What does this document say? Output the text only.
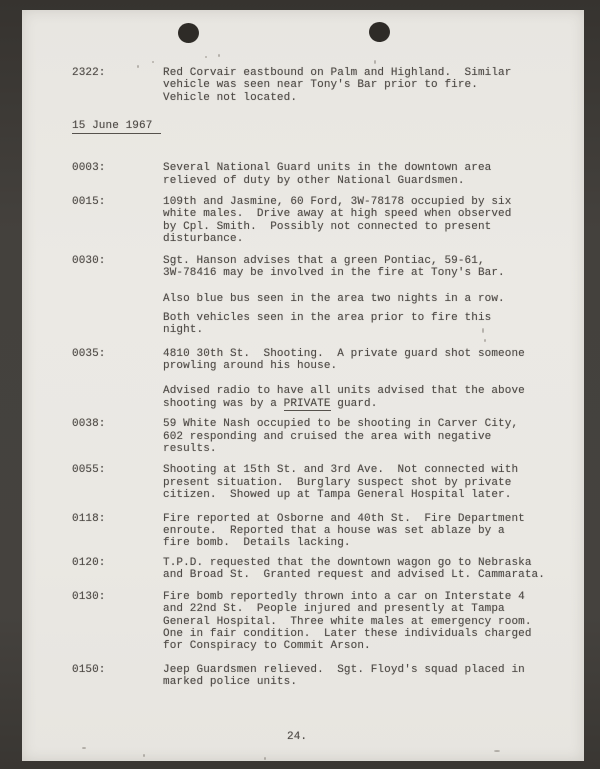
2322:	Red Corvair eastbound on Palm and Highland.  Similar
vehicle was seen near Tony's Bar prior to fire.
Vehicle not located.

15 June 1967
0003:	Several National Guard units in the downtown area
relieved of duty by other National Guardsmen.

0015:	109th and Jasmine, 60 Ford, 3W-78178 occupied by six
white males.  Drive away at high speed when observed
by Cpl. Smith.  Possibly not connected to present
disturbance.

0030:	Sgt. Hanson advises that a green Pontiac, 59-61,
3W-78416 may be involved in the fire at Tony's Bar.

Also blue bus seen in the area two nights in a row.

Both vehicles seen in the area prior to fire this
night.

0035:	4810 30th St.  Shooting.  A private guard shot someone
prowling around his house.

Advised radio to have all units advised that the above
shooting was by a PRIVATE guard.

0038:	59 White Nash occupied to be shooting in Carver City,
602 responding and cruised the area with negative
results.

0055:	Shooting at 15th St. and 3rd Ave.  Not connected with
present situation.  Burglary suspect shot by private
citizen.  Showed up at Tampa General Hospital later.

0118:	Fire reported at Osborne and 40th St.  Fire Department
enroute.  Reported that a house was set ablaze by a
fire bomb.  Details lacking.

0120:	T.P.D. requested that the downtown wagon go to Nebraska
and Broad St.  Granted request and advised Lt. Cammarata.

0130:	Fire bomb reportedly thrown into a car on Interstate 4
and 22nd St.  People injured and presently at Tampa
General Hospital.  Three white males at emergency room.
One in fair condition.  Later these individuals charged
for Conspiracy to Commit Arson.

0150:	Jeep Guardsmen relieved.  Sgt. Floyd's squad placed in
marked police units.

24.
